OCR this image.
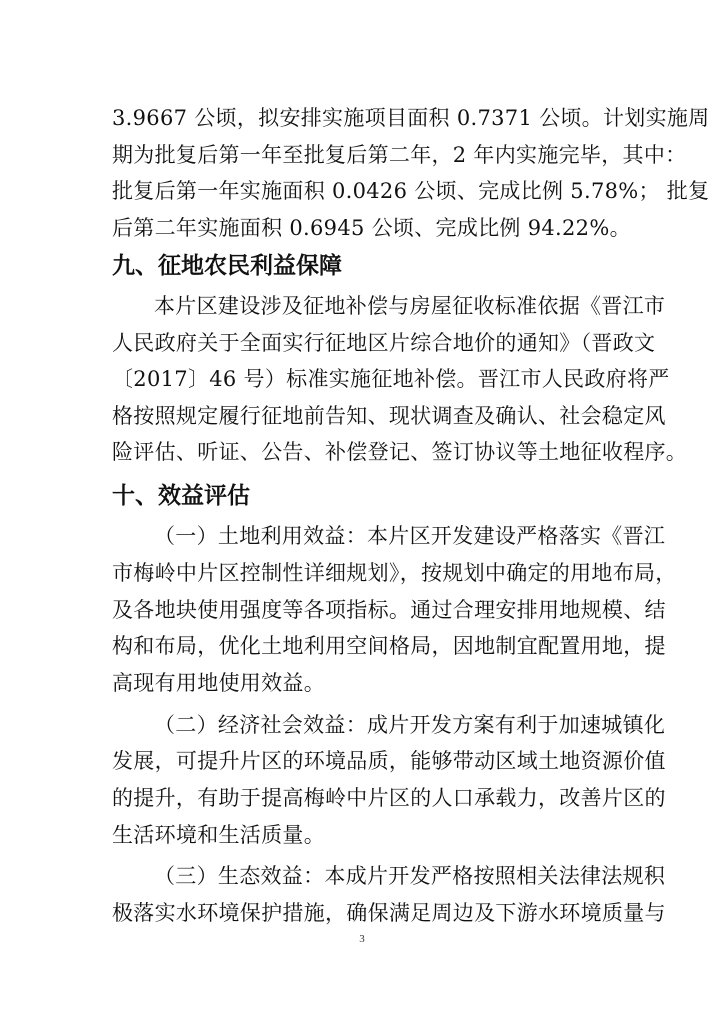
3.9667 公顷，拟安排实施项目面积 0.7371 公顷。计划实施周
期为批复后第一年至批复后第二年，2 年内实施完毕，其中：
批复后第一年实施面积 0.0426 公顷、完成比例 5.78%； 批复
后第二年实施面积 0.6945 公顷、完成比例 94.22%。
九、征地农民利益保障
本片区建设涉及征地补偿与房屋征收标准依据《晋江市
人民政府关于全面实行征地区片综合地价的通知》（晋政文
〔2017〕46 号）标准实施征地补偿。晋江市人民政府将严
格按照规定履行征地前告知、现状调查及确认、社会稳定风
险评估、听证、公告、补偿登记、签订协议等土地征收程序。
十、效益评估
（一）土地利用效益：本片区开发建设严格落实《晋江
市梅岭中片区控制性详细规划》，按规划中确定的用地布局，
及各地块使用强度等各项指标。通过合理安排用地规模、结
构和布局，优化土地利用空间格局，因地制宜配置用地，提
高现有用地使用效益。
（二）经济社会效益：成片开发方案有利于加速城镇化
发展，可提升片区的环境品质，能够带动区域土地资源价值
的提升，有助于提高梅岭中片区的人口承载力，改善片区的
生活环境和生活质量。
（三）生态效益：本成片开发严格按照相关法律法规积
极落实水环境保护措施，确保满足周边及下游水环境质量与
3
